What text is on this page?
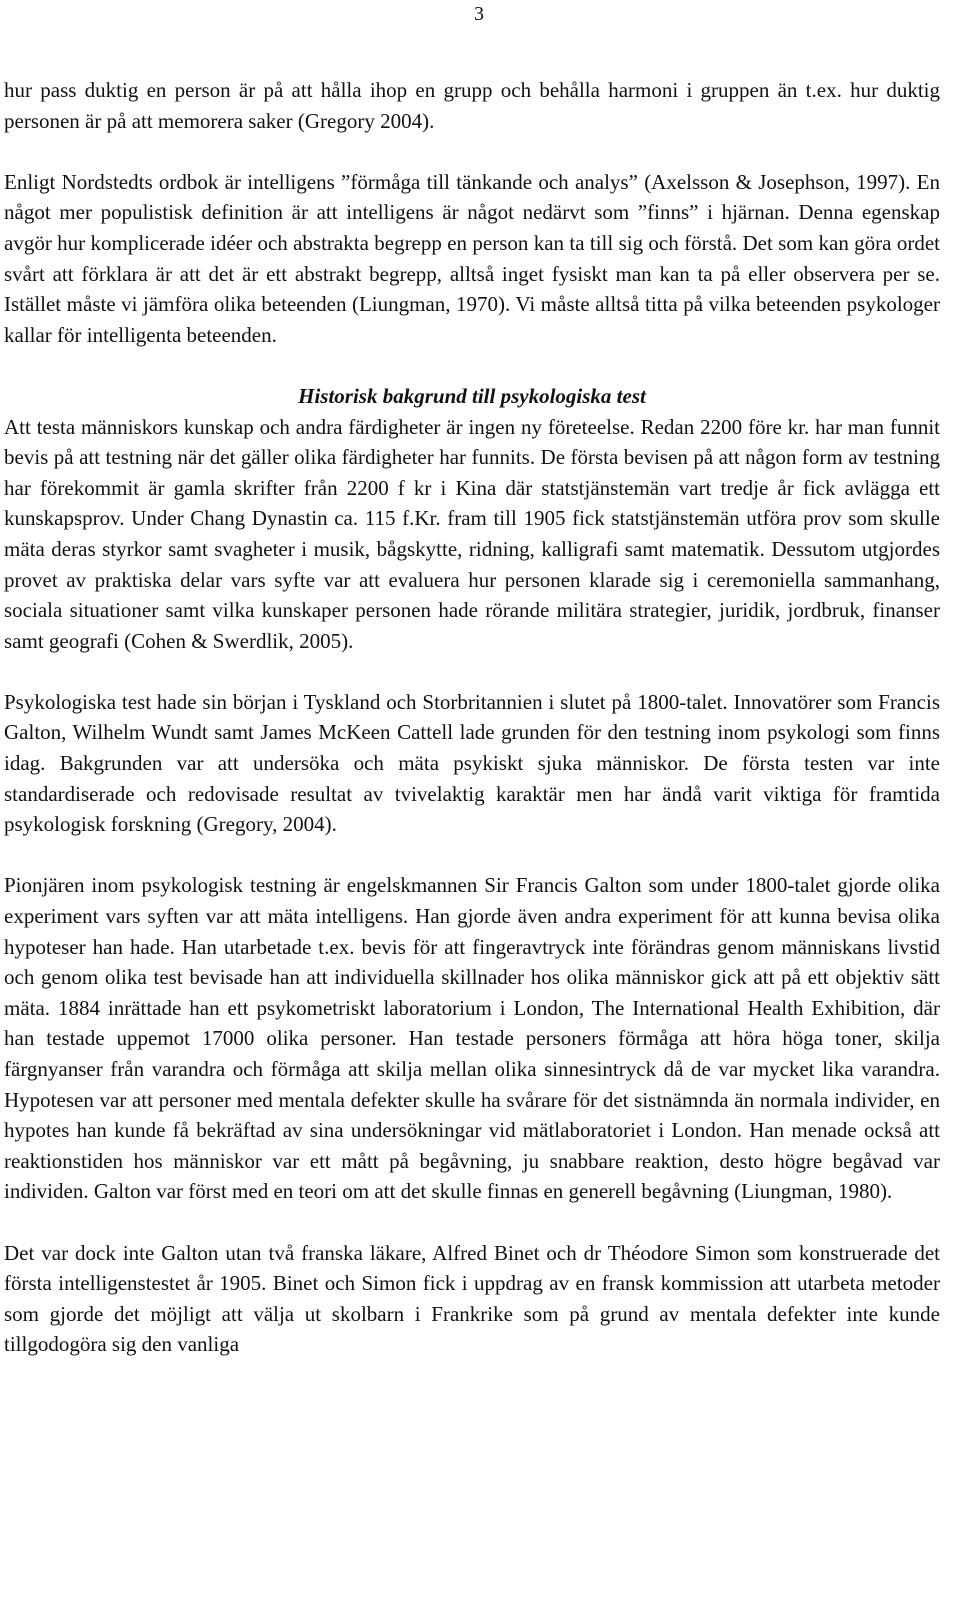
3

hur pass duktig en person är på att hålla ihop en grupp och behålla harmoni i gruppen än t.ex. hur duktig personen är på att memorera saker (Gregory 2004).

Enligt Nordstedts ordbok är intelligens ”förmåga till tänkande och analys” (Axelsson & Josephson, 1997). En något mer populistisk definition är att intelligens är något nedärvt som ”finns” i hjärnan. Denna egenskap avgör hur komplicerade idéer och abstrakta begrepp en person kan ta till sig och förstå. Det som kan göra ordet svårt att förklara är att det är ett abstrakt begrepp, alltså inget fysiskt man kan ta på eller observera per se. Istället måste vi jämföra olika beteenden (Liungman, 1970). Vi måste alltså titta på vilka beteenden psykologer kallar för intelligenta beteenden.

Historisk bakgrund till psykologiska test

Att testa människors kunskap och andra färdigheter är ingen ny företeelse. Redan 2200 före kr. har man funnit bevis på att testning när det gäller olika färdigheter har funnits. De första bevisen på att någon form av testning har förekommit är gamla skrifter från 2200 f kr i Kina där statstjänstemän vart tredje år fick avlägga ett kunskapsprov. Under Chang Dynastin ca. 115 f.Kr. fram till 1905 fick statstjänstemän utföra prov som skulle mäta deras styrkor samt svagheter i musik, bågskytte, ridning, kalligrafi samt matematik. Dessutom utgjordes provet av praktiska delar vars syfte var att evaluera hur personen klarade sig i ceremoniella sammanhang, sociala situationer samt vilka kunskaper personen hade rörande militära strategier, juridik, jordbruk, finanser samt geografi (Cohen & Swerdlik, 2005).

Psykologiska test hade sin början i Tyskland och Storbritannien i slutet på 1800-talet. Innovatörer som Francis Galton, Wilhelm Wundt samt James McKeen Cattell lade grunden för den testning inom psykologi som finns idag. Bakgrunden var att undersöka och mäta psykiskt sjuka människor. De första testen var inte standardiserade och redovisade resultat av tvivelaktig karaktär men har ändå varit viktiga för framtida psykologisk forskning (Gregory, 2004).

Pionjären inom psykologisk testning är engelskmannen Sir Francis Galton som under 1800-talet gjorde olika experiment vars syften var att mäta intelligens. Han gjorde även andra experiment för att kunna bevisa olika hypoteser han hade. Han utarbetade t.ex. bevis för att fingeravtryck inte förändras genom människans livstid och genom olika test bevisade han att individuella skillnader hos olika människor gick att på ett objektiv sätt mäta. 1884 inrättade han ett psykometriskt laboratorium i London, The International Health Exhibition, där han testade uppemot 17000 olika personer. Han testade personers förmåga att höra höga toner, skilja färgnyanser från varandra och förmåga att skilja mellan olika sinnesintryck då de var mycket lika varandra. Hypotesen var att personer med mentala defekter skulle ha svårare för det sistnämnda än normala individer, en hypotes han kunde få bekräftad av sina undersökningar vid mätlaboratoriet i London. Han menade också att reaktionstiden hos människor var ett mått på begåvning, ju snabbare reaktion, desto högre begåvad var individen. Galton var först med en teori om att det skulle finnas en generell begåvning (Liungman, 1980).

Det var dock inte Galton utan två franska läkare, Alfred Binet och dr Théodore Simon som konstruerade det första intelligenstestet år 1905. Binet och Simon fick i uppdrag av en fransk kommission att utarbeta metoder som gjorde det möjligt att välja ut skolbarn i Frankrike som på grund av mentala defekter inte kunde tillgodogöra sig den vanliga
